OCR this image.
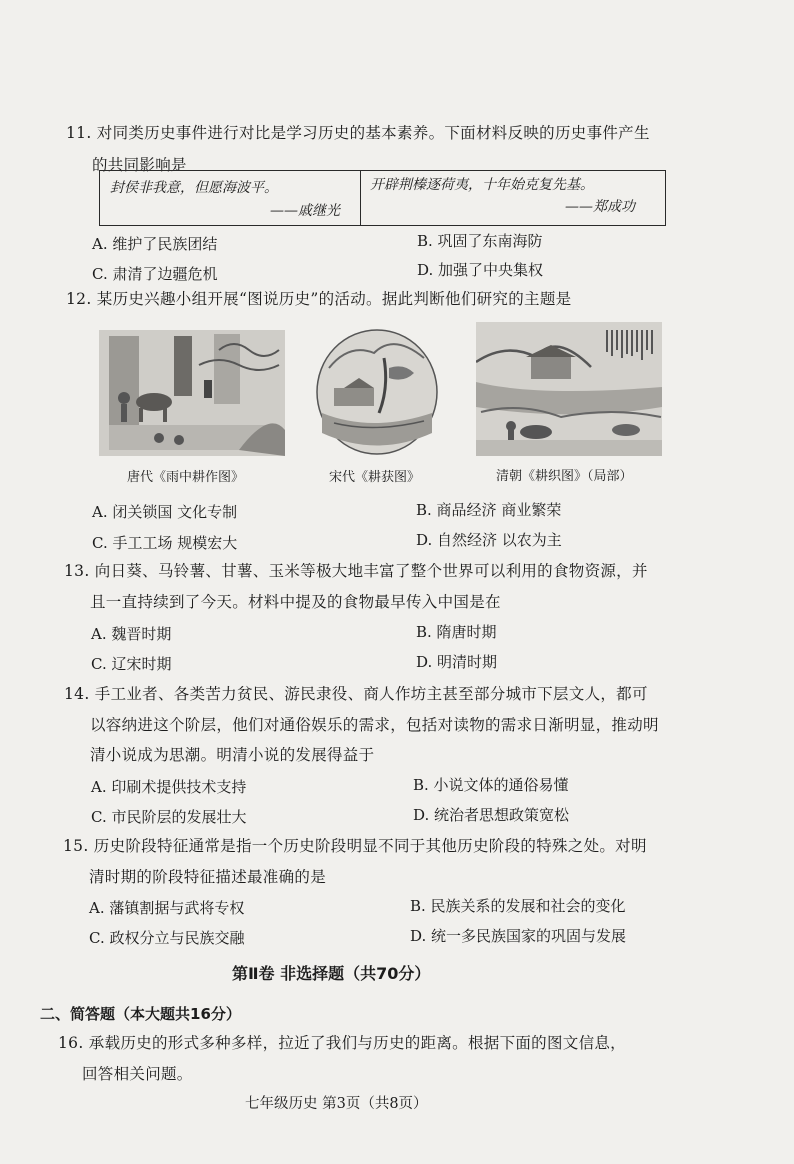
11. 对同类历史事件进行对比是学习历史的基本素养。下面材料反映的历史事件产生
的共同影响是
封侯非我意，但愿海波平。
——戚继光
开辟荆榛逐荷夷，十年始克复先基。
——郑成功
A. 维护了民族团结	B. 巩固了东南海防
C. 肃清了边疆危机	D. 加强了中央集权
12. 某历史兴趣小组开展“图说历史”的活动。据此判断他们研究的主题是
唐代《雨中耕作图》	宋代《耕获图》	清朝《耕织图》（局部）
A. 闭关锁国 文化专制	B. 商品经济 商业繁荣
C. 手工工场 规模宏大	D. 自然经济 以农为主
13. 向日葵、马铃薯、甘薯、玉米等极大地丰富了整个世界可以利用的食物资源，并
且一直持续到了今天。材料中提及的食物最早传入中国是在
A. 魏晋时期	B. 隋唐时期
C. 辽宋时期	D. 明清时期
14. 手工业者、各类苦力贫民、游民隶役、商人作坊主甚至部分城市下层文人，都可
以容纳进这个阶层，他们对通俗娱乐的需求，包括对读物的需求日渐明显，推动明
清小说成为思潮。明清小说的发展得益于
A. 印刷术提供技术支持	B. 小说文体的通俗易懂
C. 市民阶层的发展壮大	D. 统治者思想政策宽松
15. 历史阶段特征通常是指一个历史阶段明显不同于其他历史阶段的特殊之处。对明
清时期的阶段特征描述最准确的是
A. 藩镇割据与武将专权	B. 民族关系的发展和社会的变化
C. 政权分立与民族交融	D. 统一多民族国家的巩固与发展
第Ⅱ卷 非选择题（共70分）
二、简答题（本大题共16分）
16. 承载历史的形式多种多样，拉近了我们与历史的距离。根据下面的图文信息，
回答相关问题。
七年级历史 第3页（共8页）
